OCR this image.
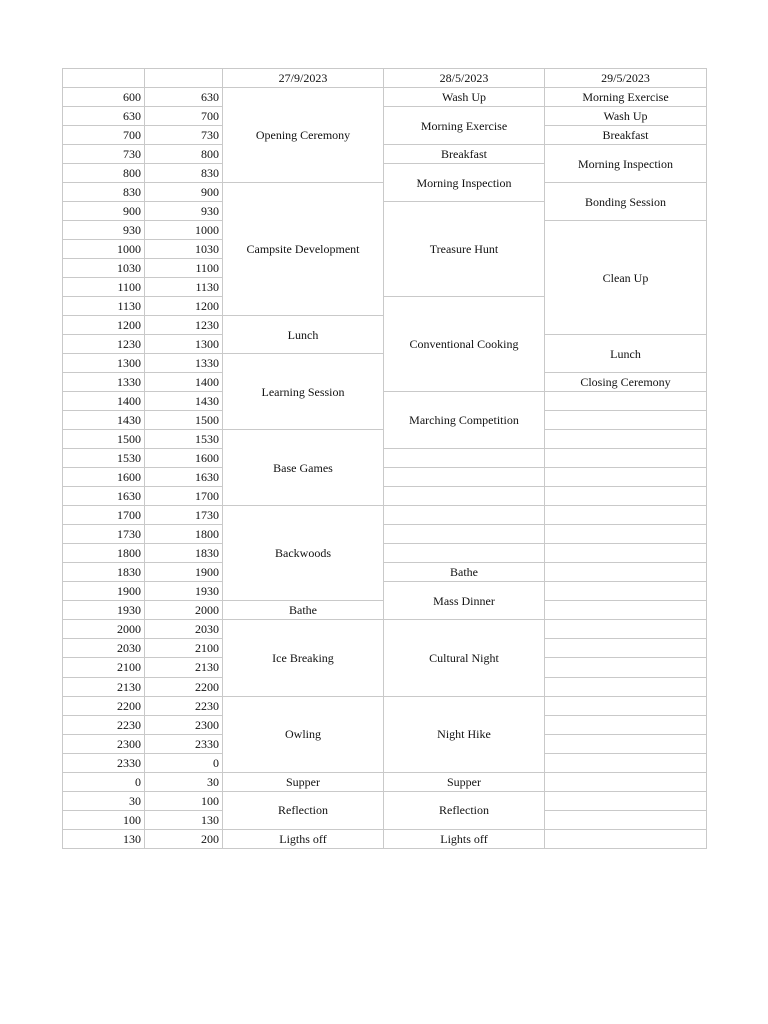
		27/9/2023	28/5/2023	29/5/2023
600	630	Opening Ceremony	Wash Up	Morning Exercise
630	700		Morning Exercise	Wash Up
700	730			Breakfast
730	800		Breakfast	Morning Inspection
800	830		Morning Inspection	
830	900	Campsite Development		Bonding Session
900	930		Treasure Hunt	
930	1000			Clean Up
1000	1030			
1030	1100			
1100	1130			
1130	1200		Conventional Cooking	
1200	1230	Lunch		
1230	1300			Lunch
1300	1330	Learning Session		
1330	1400			Closing Ceremony
1400	1430		Marching Competition	
1430	1500			
1500	1530	Base Games		
1530	1600			
1600	1630			
1630	1700			
1700	1730	Backwoods		
1730	1800			
1800	1830			
1830	1900		Bathe	
1900	1930		Mass Dinner	
1930	2000	Bathe		
2000	2030	Ice Breaking	Cultural Night	
2030	2100			
2100	2130			
2130	2200			
2200	2230	Owling	Night Hike	
2230	2300			
2300	2330			
2330	0			
0	30	Supper	Supper	
30	100	Reflection	Reflection	
100	130			
130	200	Ligths off	Lights off	
